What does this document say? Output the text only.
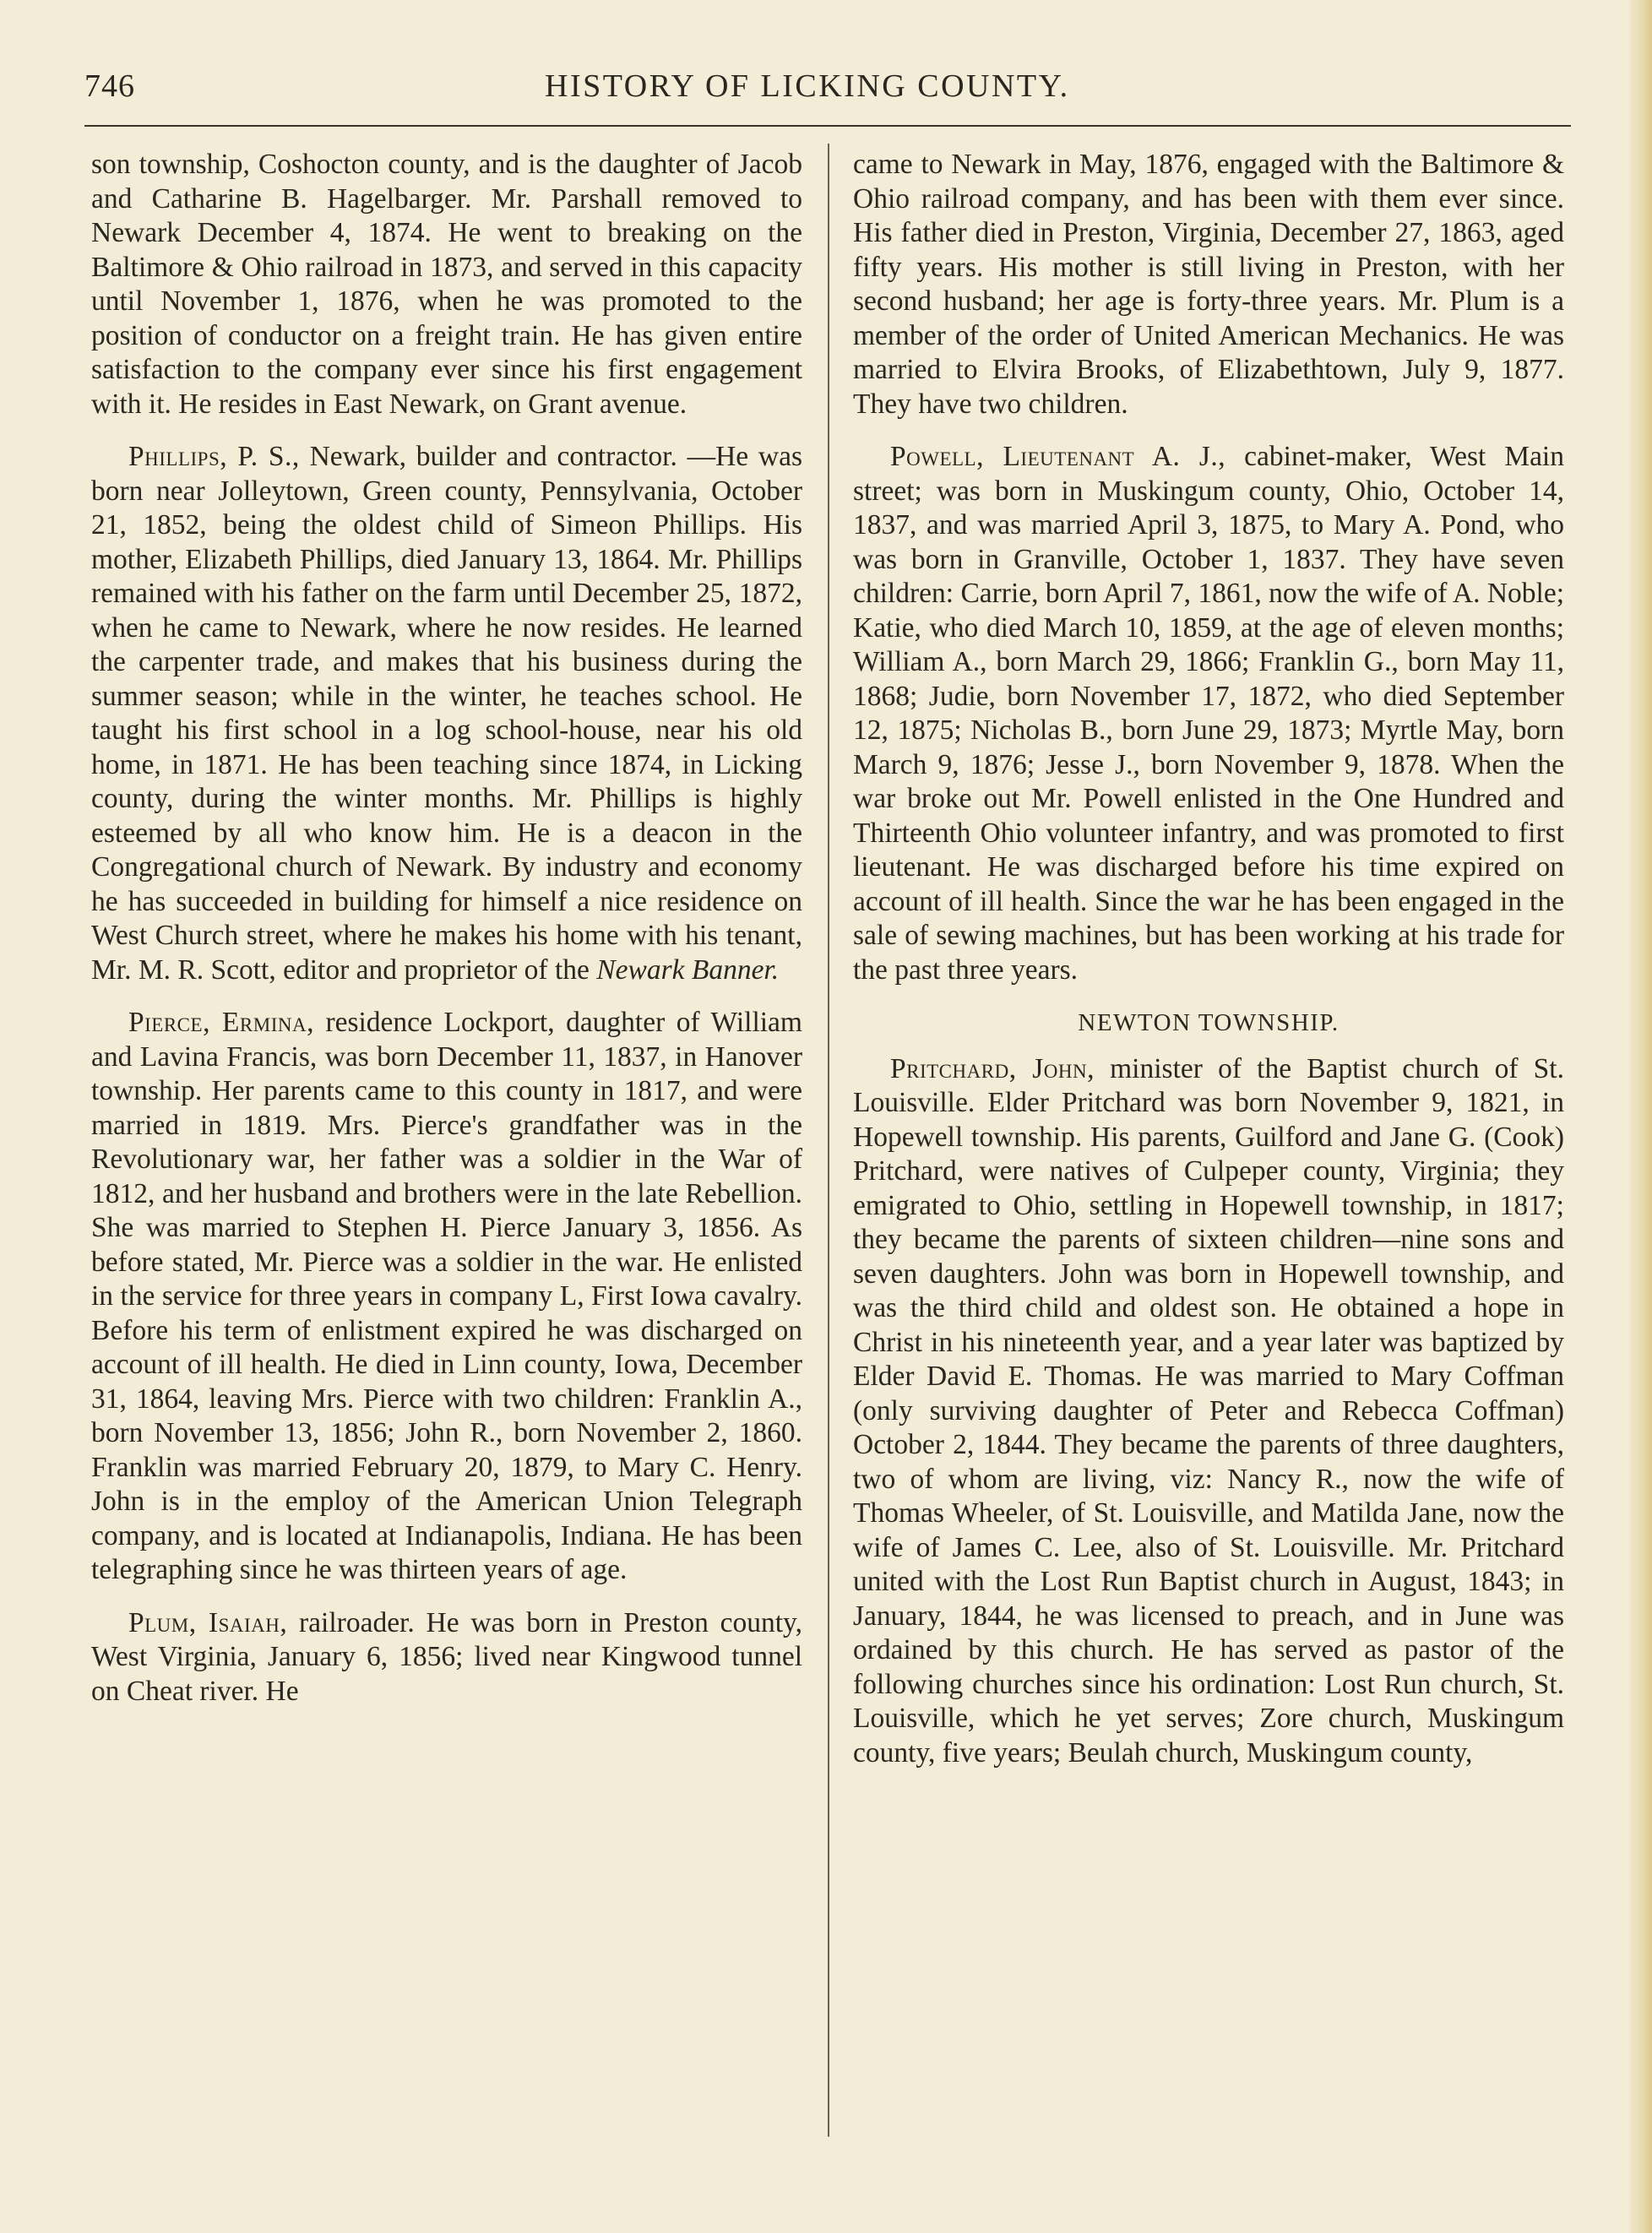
746	HISTORY OF LICKING COUNTY.

son township, Coshocton county, and is the daughter of Jacob and Catharine B. Hagelbarger. Mr. Parshall removed to Newark December 4, 1874. He went to breaking on the Baltimore & Ohio railroad in 1873, and served in this capacity until November 1, 1876, when he was promoted to the position of conductor on a freight train. He has given entire satisfaction to the company ever since his first engagement with it. He resides in East Newark, on Grant avenue.

Phillips, P. S., Newark, builder and contractor. —He was born near Jolleytown, Green county, Pennsylvania, October 21, 1852, being the oldest child of Simeon Phillips. His mother, Elizabeth Phillips, died January 13, 1864. Mr. Phillips remained with his father on the farm until December 25, 1872, when he came to Newark, where he now resides. He learned the carpenter trade, and makes that his business during the summer season; while in the winter, he teaches school. He taught his first school in a log school-house, near his old home, in 1871. He has been teaching since 1874, in Licking county, during the winter months. Mr. Phillips is highly esteemed by all who know him. He is a deacon in the Congregational church of Newark. By industry and economy he has succeeded in building for himself a nice residence on West Church street, where he makes his home with his tenant, Mr. M. R. Scott, editor and proprietor of the Newark Banner.

Pierce, Ermina, residence Lockport, daughter of William and Lavina Francis, was born December 11, 1837, in Hanover township. Her parents came to this county in 1817, and were married in 1819. Mrs. Pierce's grandfather was in the Revolutionary war, her father was a soldier in the War of 1812, and her husband and brothers were in the late Rebellion. She was married to Stephen H. Pierce January 3, 1856. As before stated, Mr. Pierce was a soldier in the war. He enlisted in the service for three years in company L, First Iowa cavalry. Before his term of enlistment expired he was discharged on account of ill health. He died in Linn county, Iowa, December 31, 1864, leaving Mrs. Pierce with two children: Franklin A., born November 13, 1856; John R., born November 2, 1860. Franklin was married February 20, 1879, to Mary C. Henry. John is in the employ of the American Union Telegraph company, and is located at Indianapolis, Indiana. He has been telegraphing since he was thirteen years of age.

Plum, Isaiah, railroader. He was born in Preston county, West Virginia, January 6, 1856; lived near Kingwood tunnel on Cheat river. He

came to Newark in May, 1876, engaged with the Baltimore & Ohio railroad company, and has been with them ever since. His father died in Preston, Virginia, December 27, 1863, aged fifty years. His mother is still living in Preston, with her second husband; her age is forty-three years. Mr. Plum is a member of the order of United American Mechanics. He was married to Elvira Brooks, of Elizabethtown, July 9, 1877. They have two children.

Powell, Lieutenant A. J., cabinet-maker, West Main street; was born in Muskingum county, Ohio, October 14, 1837, and was married April 3, 1875, to Mary A. Pond, who was born in Granville, October 1, 1837. They have seven children: Carrie, born April 7, 1861, now the wife of A. Noble; Katie, who died March 10, 1859, at the age of eleven months; William A., born March 29, 1866; Franklin G., born May 11, 1868; Judie, born November 17, 1872, who died September 12, 1875; Nicholas B., born June 29, 1873; Myrtle May, born March 9, 1876; Jesse J., born November 9, 1878. When the war broke out Mr. Powell enlisted in the One Hundred and Thirteenth Ohio volunteer infantry, and was promoted to first lieutenant. He was discharged before his time expired on account of ill health. Since the war he has been engaged in the sale of sewing machines, but has been working at his trade for the past three years.

NEWTON TOWNSHIP.

Pritchard, John, minister of the Baptist church of St. Louisville. Elder Pritchard was born November 9, 1821, in Hopewell township. His parents, Guilford and Jane G. (Cook) Pritchard, were natives of Culpeper county, Virginia; they emigrated to Ohio, settling in Hopewell township, in 1817; they became the parents of sixteen children—nine sons and seven daughters. John was born in Hopewell township, and was the third child and oldest son. He obtained a hope in Christ in his nineteenth year, and a year later was baptized by Elder David E. Thomas. He was married to Mary Coffman (only surviving daughter of Peter and Rebecca Coffman) October 2, 1844. They became the parents of three daughters, two of whom are living, viz: Nancy R., now the wife of Thomas Wheeler, of St. Louisville, and Matilda Jane, now the wife of James C. Lee, also of St. Louisville. Mr. Pritchard united with the Lost Run Baptist church in August, 1843; in January, 1844, he was licensed to preach, and in June was ordained by this church. He has served as pastor of the following churches since his ordination: Lost Run church, St. Louisville, which he yet serves; Zore church, Muskingum county, five years; Beulah church, Muskingum county,
